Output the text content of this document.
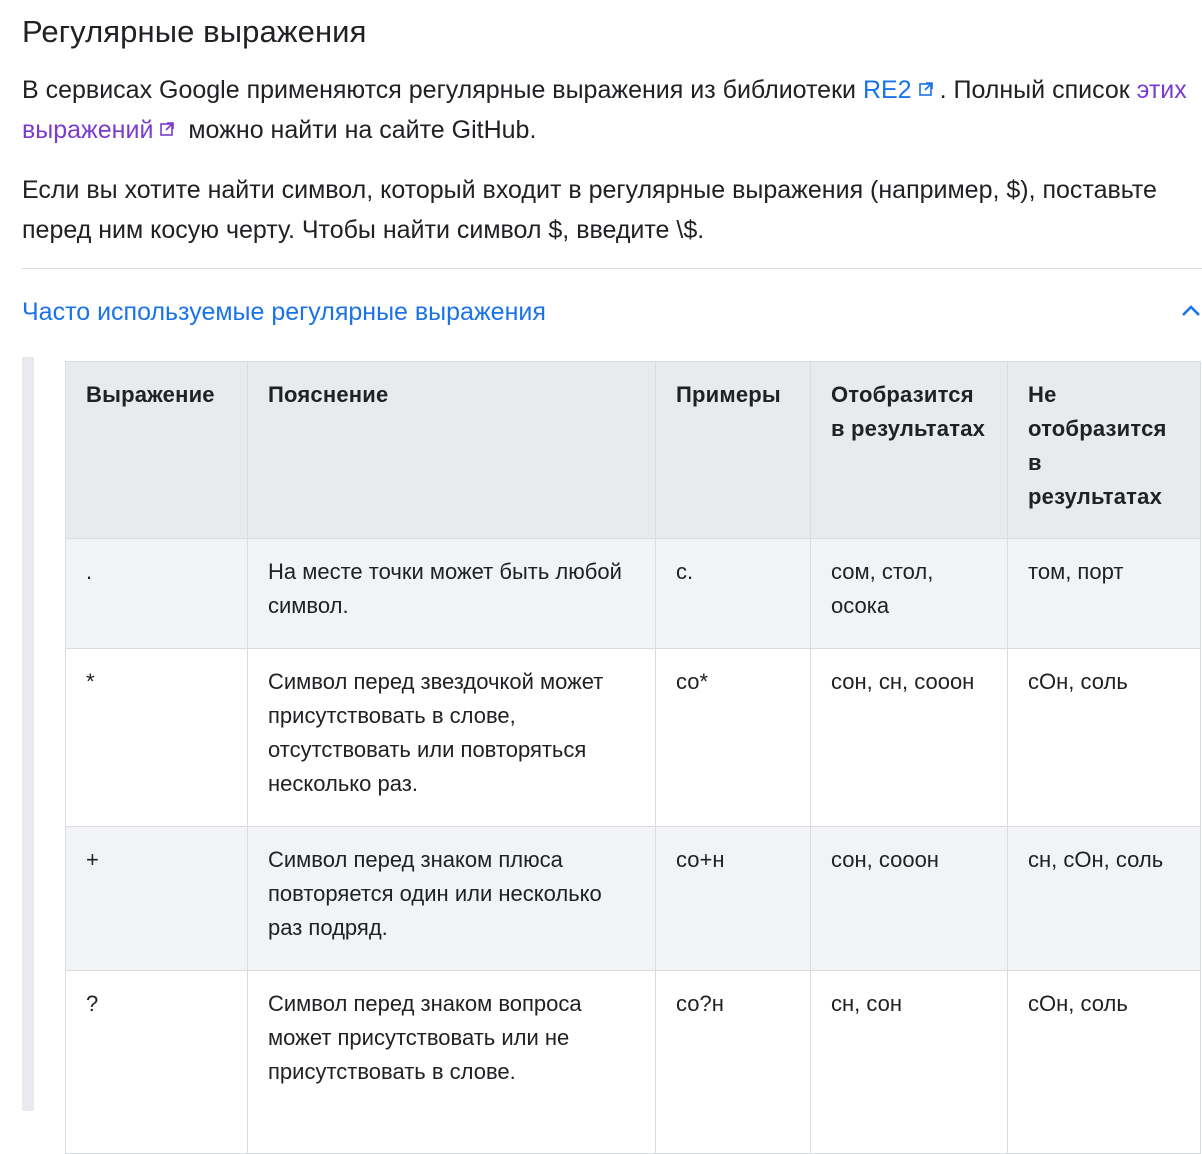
Регулярные выражения

В сервисах Google применяются регулярные выражения из библиотеки RE2 . Полный список этих выражений можно найти на сайте GitHub.

Если вы хотите найти символ, который входит в регулярные выражения (например, $), поставьте перед ним косую черту. Чтобы найти символ $, введите \$.

Часто используемые регулярные выражения
Выражение	Пояснение	Примеры	Отобразится в результатах	Не отобразится в результатах
.	На месте точки может быть любой символ.	с.	сом, стол, осока	том, порт
*	Символ перед звездочкой может присутствовать в слове, отсутствовать или повторяться несколько раз.	со*	сон, сн, сооон	сОн, соль
+	Символ перед знаком плюса повторяется один или несколько раз подряд.	со+н	сон, сооон	сн, сОн, соль
?	Символ перед знаком вопроса может присутствовать или не присутствовать в слове.	со?н	сн, сон	сОн, соль
